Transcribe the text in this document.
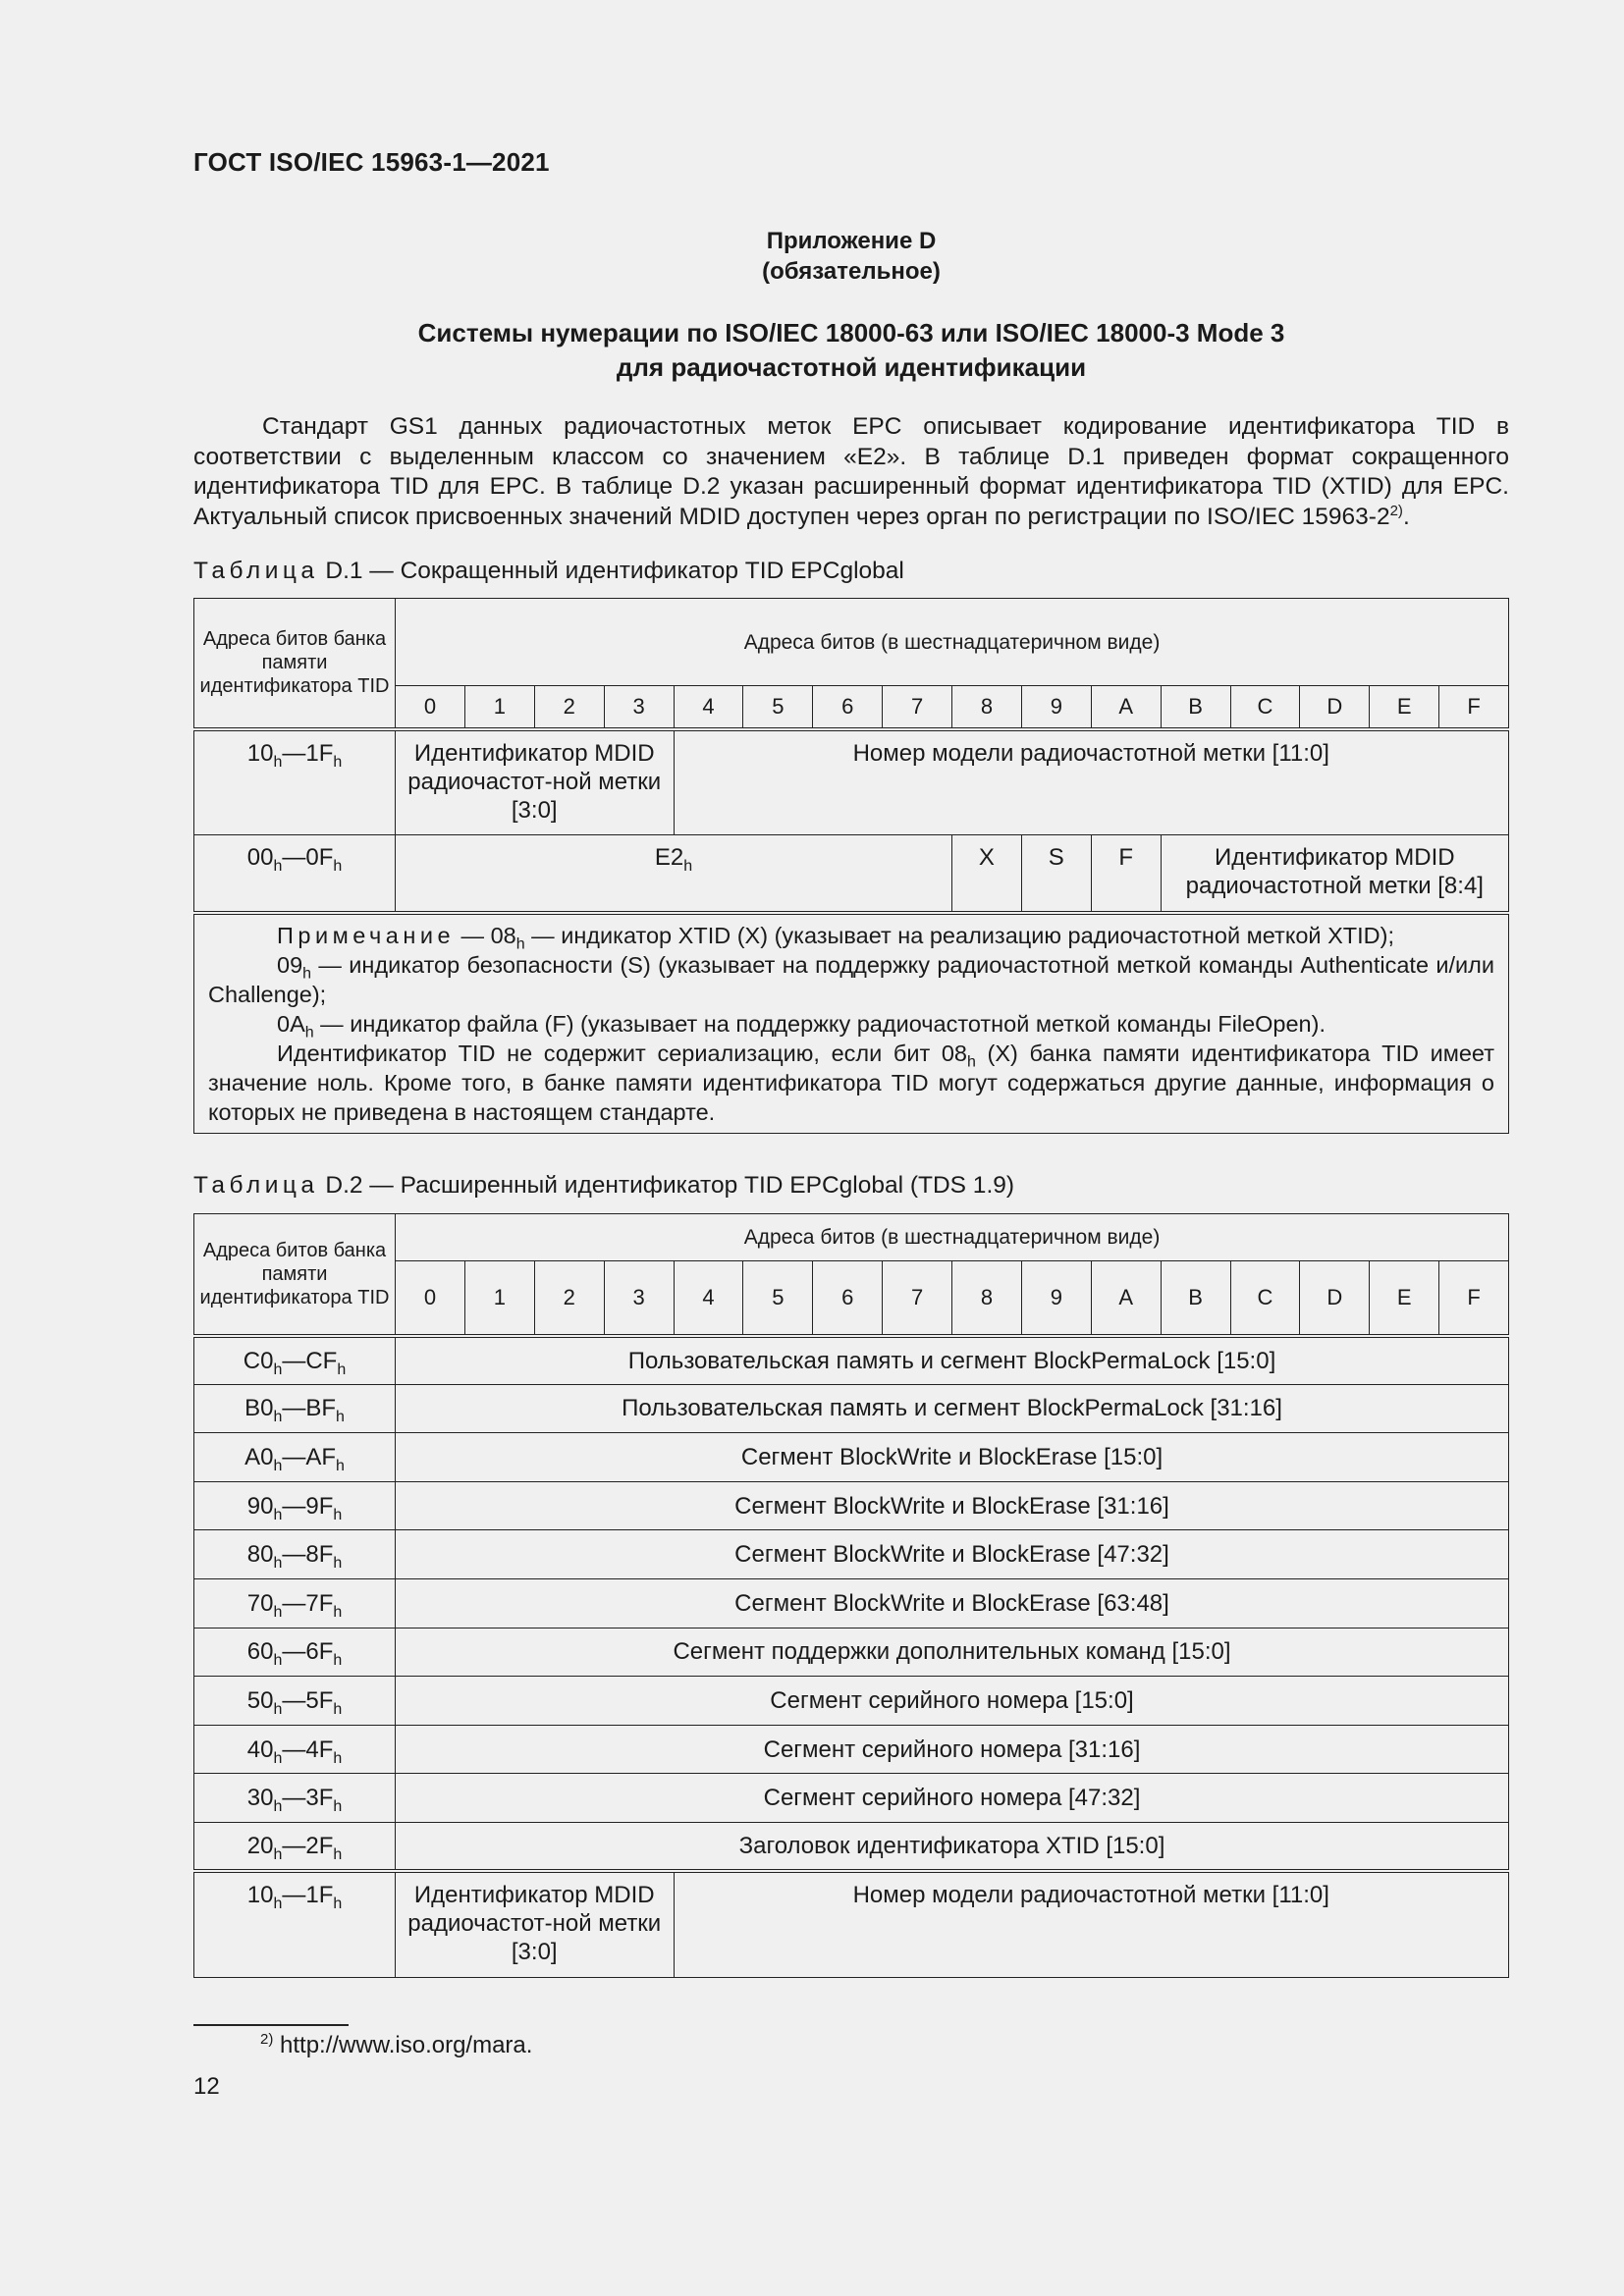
ГОСТ ISO/IEC 15963-1—2021
Приложение D
(обязательное)
Системы нумерации по ISO/IEC 18000-63 или ISO/IEC 18000-3 Mode 3
для радиочастотной идентификации
Стандарт GS1 данных радиочастотных меток EPC описывает кодирование идентификатора TID в соответствии с выделенным классом со значением «E2». В таблице D.1 приведен формат сокращенного идентификатора TID для EPC. В таблице D.2 указан расширенный формат идентификатора TID (XTID) для EPC. Актуальный список присвоенных значений MDID доступен через орган по регистрации по ISO/IEC 15963-2$^{2)}$.
Таблица D.1 — Сокращенный идентификатор TID EPCglobal
Адреса битов банка памяти идентификатора TID	Адреса битов (в шестнадцатеричном виде)															
	0	1	2	3	4	5	6	7	8	9	A	B	C	D	E	F
$10_h—1F_h$	Идентификатор MDID радиочастот-ной метки [3:0]				Номер модели радиочастотной метки [11:0]											
$00_h—0F_h$	$E2_h$								X	S	F	Идентификатор MDID радиочастотной метки [8:4]				

Примечание — $08_h$ — индикатор XTID (X) (указывает на реализацию радиочастотной меткой XTID);

$09_h$ — индикатор безопасности (S) (указывает на поддержку радиочастотной меткой команды Authenticate и/или Challenge);

$0A_h$ — индикатор файла (F) (указывает на поддержку радиочастотной меткой команды FileOpen).

Идентификатор TID не содержит сериализацию, если бит $08_h$ (X) банка памяти идентификатора TID имеет значение ноль. Кроме того, в банке памяти идентификатора TID могут содержаться другие данные, информация о которых не приведена в настоящем стандарте.																

Таблица D.2 — Расширенный идентификатор TID EPCglobal (TDS 1.9)
Адреса битов банка памяти идентификатора TID	Адреса битов (в шестнадцатеричном виде)															
	0	1	2	3	4	5	6	7	8	9	A	B	C	D	E	F
$C0_h—CF_h$	Пользовательская память и сегмент BlockPermaLock [15:0]															
$B0_h—BF_h$	Пользовательская память и сегмент BlockPermaLock [31:16]															
$A0_h—AF_h$	Сегмент BlockWrite и BlockErase [15:0]															
$90_h—9F_h$	Сегмент BlockWrite и BlockErase [31:16]															
$80_h—8F_h$	Сегмент BlockWrite и BlockErase [47:32]															
$70_h—7F_h$	Сегмент BlockWrite и BlockErase [63:48]															
$60_h—6F_h$	Сегмент поддержки дополнительных команд [15:0]															
$50_h—5F_h$	Сегмент серийного номера [15:0]															
$40_h—4F_h$	Сегмент серийного номера [31:16]															
$30_h—3F_h$	Сегмент серийного номера [47:32]															
$20_h—2F_h$	Заголовок идентификатора XTID [15:0]															
$10_h—1F_h$	Идентификатор MDID радиочастот-ной метки [3:0]				Номер модели радиочастотной метки [11:0]											
$^{2)}$ http://www.iso.org/mara.
12
